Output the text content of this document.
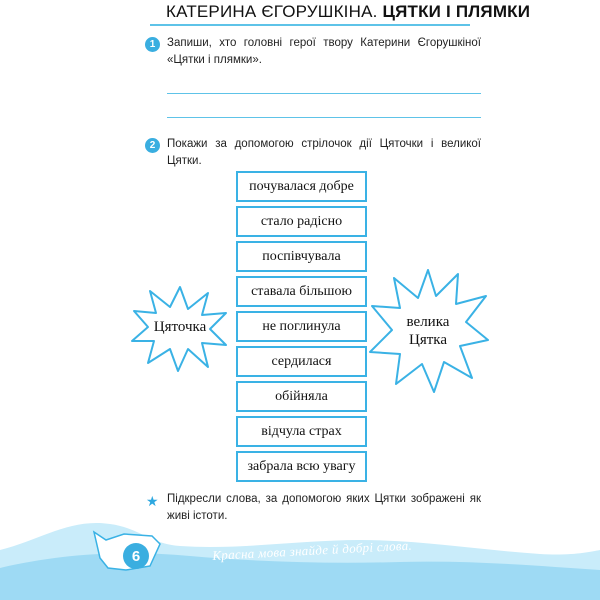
КАТЕРИНА ЄГОРУШКІНА. ЦЯТКИ І ПЛЯМКИ
1	Запиши, хто головні герої твору Катерини Єгорушкіної «Цятки і плямки».
2	Покажи за допомогою стрілочок дії Цяточки і великої Цятки.
почувалася добре
стало радісно
поспівчувала
ставала більшою
не поглинула
сердилася
обійняла
відчула страх
забрала всю увагу
Цяточка	велика
Цятка
★ Підкресли слова, за допомогою яких Цятки зображені як живі істоти.
6	Красна мова знайде й добрі слова.
